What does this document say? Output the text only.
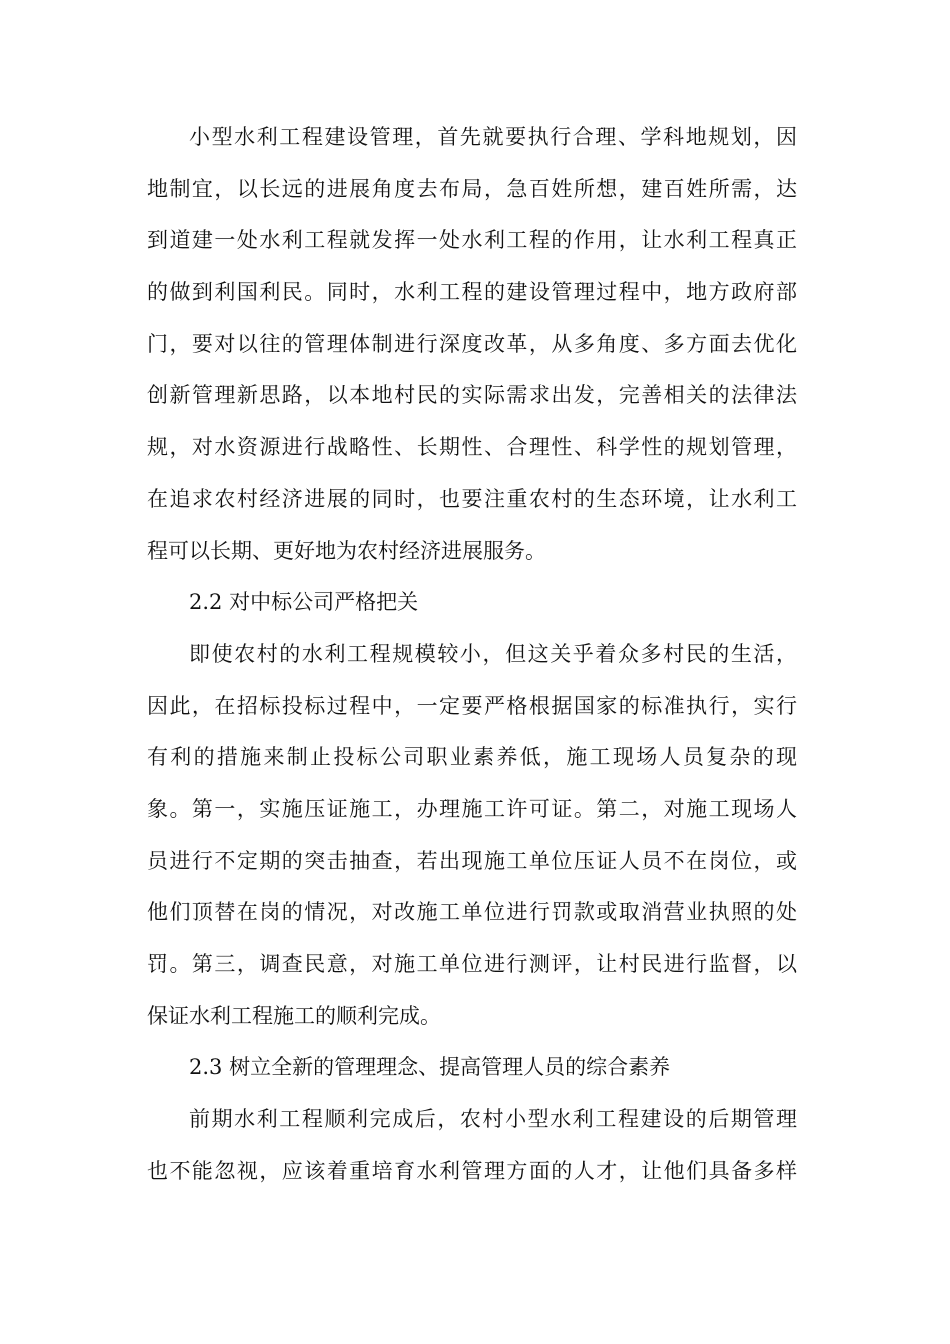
小型水利工程建设管理，首先就要执行合理、学科地规划，因
地制宜，以长远的进展角度去布局，急百姓所想，建百姓所需，达
到道建一处水利工程就发挥一处水利工程的作用，让水利工程真正
的做到利国利民。同时，水利工程的建设管理过程中，地方政府部
门，要对以往的管理体制进行深度改革，从多角度、多方面去优化
创新管理新思路，以本地村民的实际需求出发，完善相关的法律法
规，对水资源进行战略性、长期性、合理性、科学性的规划管理，
在追求农村经济进展的同时，也要注重农村的生态环境，让水利工
程可以长期、更好地为农村经济进展服务。
2.2 对中标公司严格把关
即使农村的水利工程规模较小，但这关乎着众多村民的生活，
因此，在招标投标过程中，一定要严格根据国家的标准执行，实行
有利的措施来制止投标公司职业素养低，施工现场人员复杂的现
象。第一，实施压证施工，办理施工许可证。第二，对施工现场人
员进行不定期的突击抽查，若出现施工单位压证人员不在岗位，或
他们顶替在岗的情况，对改施工单位进行罚款或取消营业执照的处
罚。第三，调查民意，对施工单位进行测评，让村民进行监督，以
保证水利工程施工的顺利完成。
2.3 树立全新的管理理念、提高管理人员的综合素养
前期水利工程顺利完成后，农村小型水利工程建设的后期管理
也不能忽视，应该着重培育水利管理方面的人才，让他们具备多样
